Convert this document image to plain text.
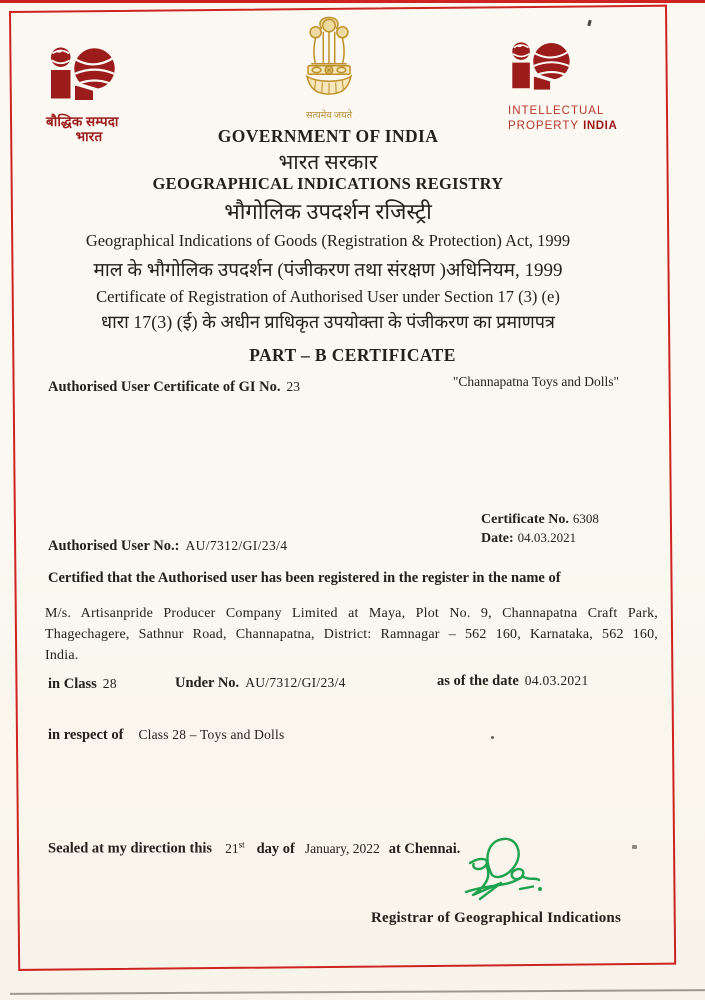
बौद्धिक सम्पदा
भारत
सत्यमेव जयते	INTELLECTUAL
PROPERTY INDIA
GOVERNMENT OF INDIA
भारत सरकार
GEOGRAPHICAL INDICATIONS REGISTRY
भौगोलिक उपदर्शन रजिस्ट्री
Geographical Indications of Goods (Registration & Protection) Act, 1999
माल के भौगोलिक उपदर्शन (पंजीकरण तथा संरक्षण )अधिनियम, 1999
Certificate of Registration of Authorised User under Section 17 (3) (e)
धारा 17(3) (ई) के अधीन प्राधिकृत उपयोक्ता के पंजीकरण का प्रमाणपत्र
PART – B CERTIFICATE
Authorised User Certificate of GI No. 23	"Channapatna Toys and Dolls"
Certificate No. 6308
Date: 04.03.2021
Authorised User No.: AU/7312/GI/23/4
Certified that the Authorised user has been registered in the register in the name of
M/s. Artisanpride Producer Company Limited at Maya, Plot No. 9, Channapatna Craft Park, Thagechagere, Sathnur Road, Channapatna, District: Ramnagar – 562 160, Karnataka, 562 160, India.
in Class 28	Under No. AU/7312/GI/23/4	as of the date 04.03.2021
in respect of Class 28 – Toys and Dolls
Sealed at my direction this 21st day of January, 2022 at Chennai.
Registrar of Geographical Indications
